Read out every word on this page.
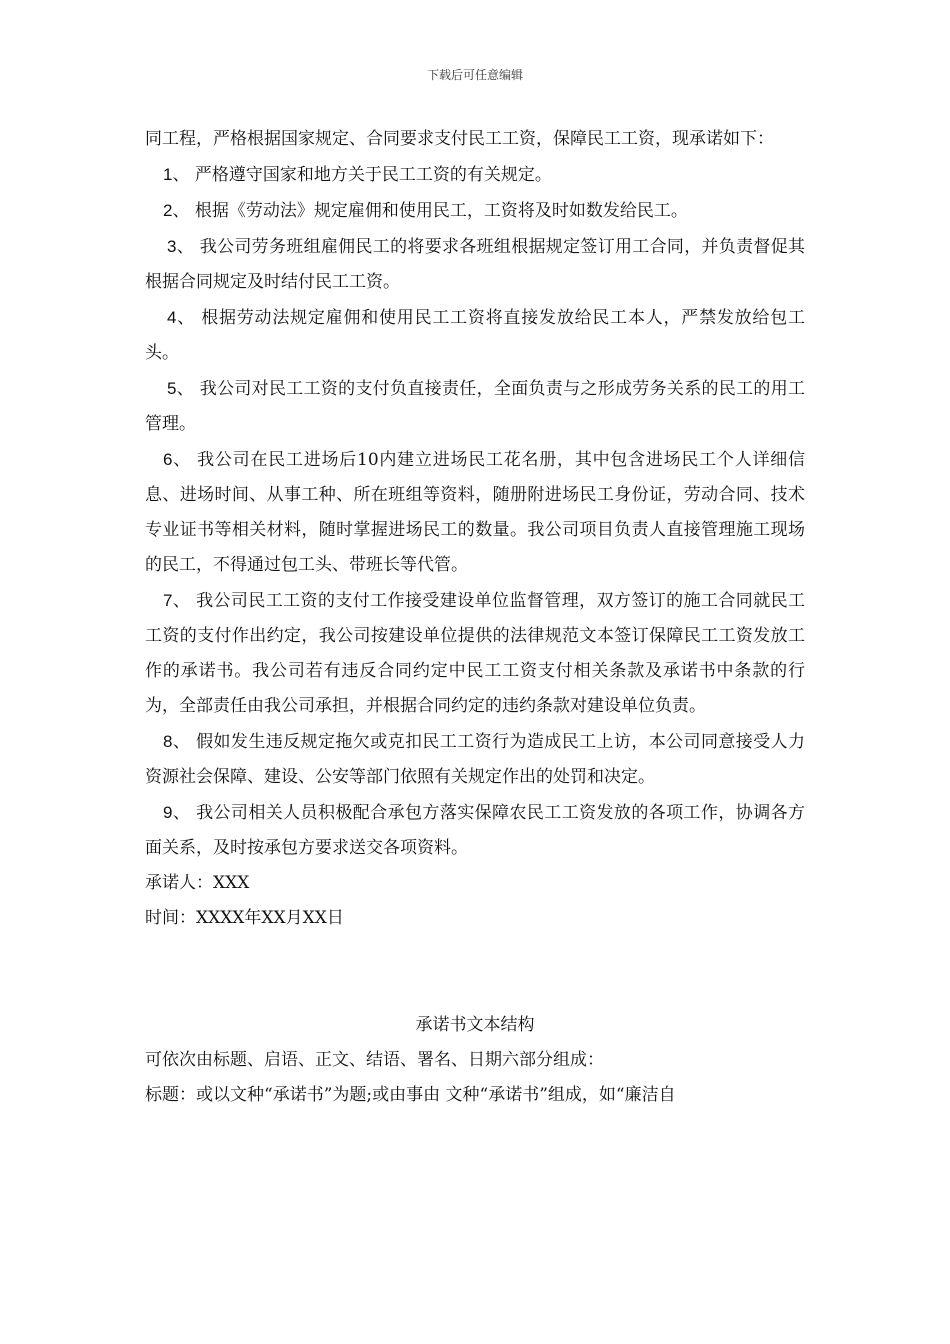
下载后可任意编辑

同工程，严格根据国家规定、合同要求支付民工工资，保障民工工资，现承诺如下：

1、 严格遵守国家和地方关于民工工资的有关规定。

2、 根据《劳动法》规定雇佣和使用民工，工资将及时如数发给民工。

3、 我公司劳务班组雇佣民工的将要求各班组根据规定签订用工合同，并负责督促其根据合同规定及时结付民工工资。

4、 根据劳动法规定雇佣和使用民工工资将直接发放给民工本人，严禁发放给包工头。

5、 我公司对民工工资的支付负直接责任，全面负责与之形成劳务关系的民工的用工管理。

6、 我公司在民工进场后10内建立进场民工花名册，其中包含进场民工个人详细信息、进场时间、从事工种、所在班组等资料，随册附进场民工身份证，劳动合同、技术专业证书等相关材料，随时掌握进场民工的数量。我公司项目负责人直接管理施工现场的民工，不得通过包工头、带班长等代管。

7、 我公司民工工资的支付工作接受建设单位监督管理，双方签订的施工合同就民工工资的支付作出约定，我公司按建设单位提供的法律规范文本签订保障民工工资发放工作的承诺书。我公司若有违反合同约定中民工工资支付相关条款及承诺书中条款的行为，全部责任由我公司承担，并根据合同约定的违约条款对建设单位负责。

8、 假如发生违反规定拖欠或克扣民工工资行为造成民工上访，本公司同意接受人力资源社会保障、建设、公安等部门依照有关规定作出的处罚和决定。

9、 我公司相关人员积极配合承包方落实保障农民工工资发放的各项工作，协调各方面关系，及时按承包方要求送交各项资料。

承诺人：XXX

时间：XXXX年XX月XX日

承诺书文本结构

可依次由标题、启语、正文、结语、署名、日期六部分组成：

标题：或以文种“承诺书”为题;或由事由 文种“承诺书”组成，如“廉洁自
